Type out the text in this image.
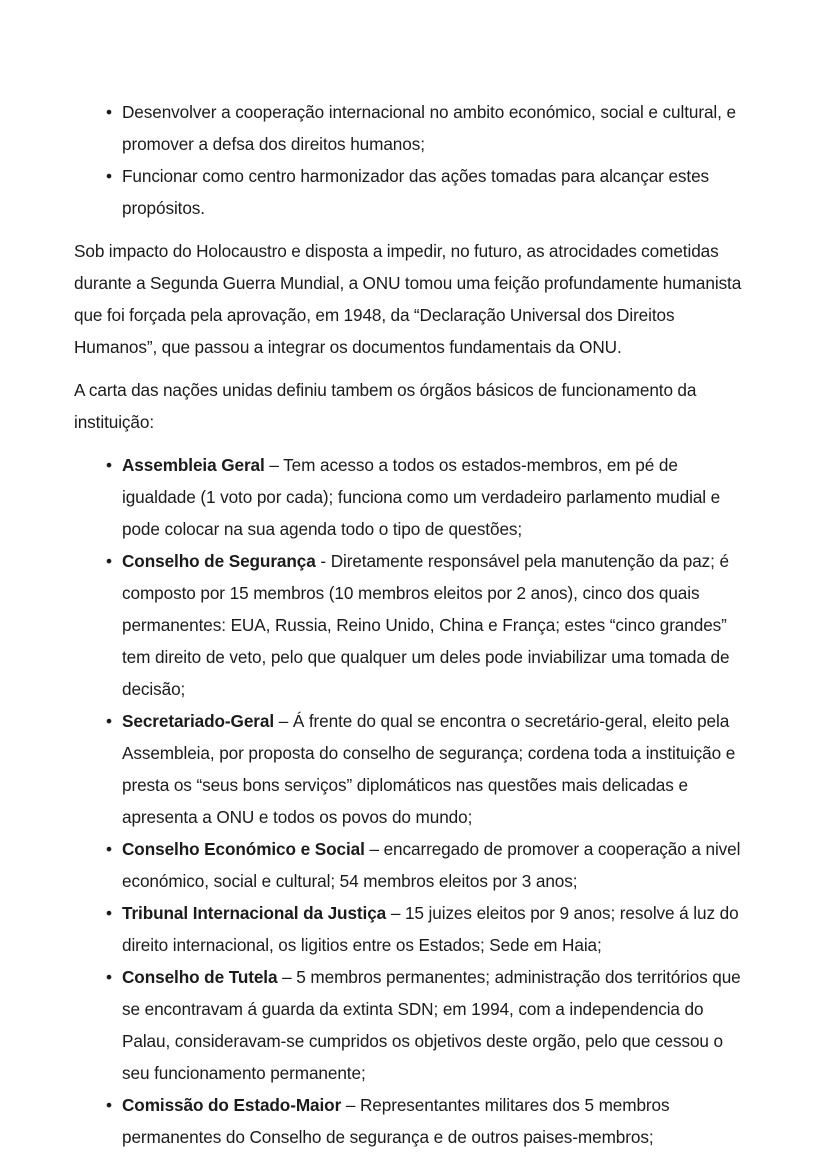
• Desenvolver a cooperação internacional no ambito económico, social e cultural, e promover a defsa dos direitos humanos;
• Funcionar como centro harmonizador das ações tomadas para alcançar estes propósitos.

Sob impacto do Holocaustro e disposta a impedir, no futuro, as atrocidades cometidas durante a Segunda Guerra Mundial, a ONU tomou uma feição profundamente humanista que foi forçada pela aprovação, em 1948, da “Declaração Universal dos Direitos Humanos”, que passou a integrar os documentos fundamentais da ONU.

A carta das nações unidas definiu tambem os órgãos básicos de funcionamento da instituição:

• Assembleia Geral – Tem acesso a todos os estados-membros, em pé de igualdade (1 voto por cada); funciona como um verdadeiro parlamento mudial e pode colocar na sua agenda todo o tipo de questões;
• Conselho de Segurança - Diretamente responsável pela manutenção da paz; é composto por 15 membros (10 membros eleitos por 2 anos), cinco dos quais permanentes: EUA, Russia, Reino Unido, China e França; estes “cinco grandes” tem direito de veto, pelo que qualquer um deles pode inviabilizar uma tomada de decisão;
• Secretariado-Geral – Á frente do qual se encontra o secretário-geral, eleito pela Assembleia, por proposta do conselho de segurança; cordena toda a instituição e presta os “seus bons serviços” diplomáticos nas questões mais delicadas e apresenta a ONU e todos os povos do mundo;
• Conselho Económico e Social – encarregado de promover a cooperação a nivel económico, social e cultural; 54 membros eleitos por 3 anos;
• Tribunal Internacional da Justiça – 15 juizes eleitos por 9 anos; resolve á luz do direito internacional, os ligitios entre os Estados; Sede em Haia;
• Conselho de Tutela – 5 membros permanentes; administração dos territórios que se encontravam á guarda da extinta SDN; em 1994, com a independencia do Palau, consideravam-se cumpridos os objetivos deste orgão, pelo que cessou o seu funcionamento permanente;
• Comissão do Estado-Maior – Representantes militares dos 5 membros permanentes do Conselho de segurança e de outros paises-membros;
